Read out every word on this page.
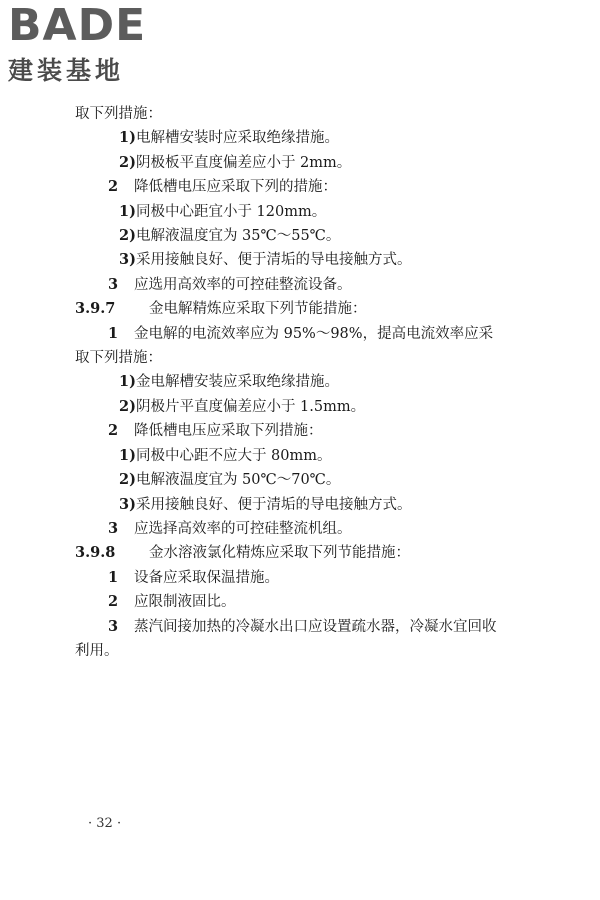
BADE
建装基地
取下列措施：
1)电解槽安装时应采取绝缘措施。
2)阴极板平直度偏差应小于 2mm。
2 降低槽电压应采取下列的措施：
1)同极中心距宜小于 120mm。
2)电解液温度宜为 35℃～55℃。
3)采用接触良好、便于清垢的导电接触方式。
3 应选用高效率的可控硅整流设备。
3.9.7 金电解精炼应采取下列节能措施：
1 金电解的电流效率应为 95%～98%，提高电流效率应采
取下列措施：
1)金电解槽安装应采取绝缘措施。
2)阴极片平直度偏差应小于 1.5mm。
2 降低槽电压应采取下列措施：
1)同极中心距不应大于 80mm。
2)电解液温度宜为 50℃～70℃。
3)采用接触良好、便于清垢的导电接触方式。
3 应选择高效率的可控硅整流机组。
3.9.8 金水溶液氯化精炼应采取下列节能措施：
1 设备应采取保温措施。
2 应限制液固比。
3 蒸汽间接加热的冷凝水出口应设置疏水器，冷凝水宜回收
利用。
· 32 ·
